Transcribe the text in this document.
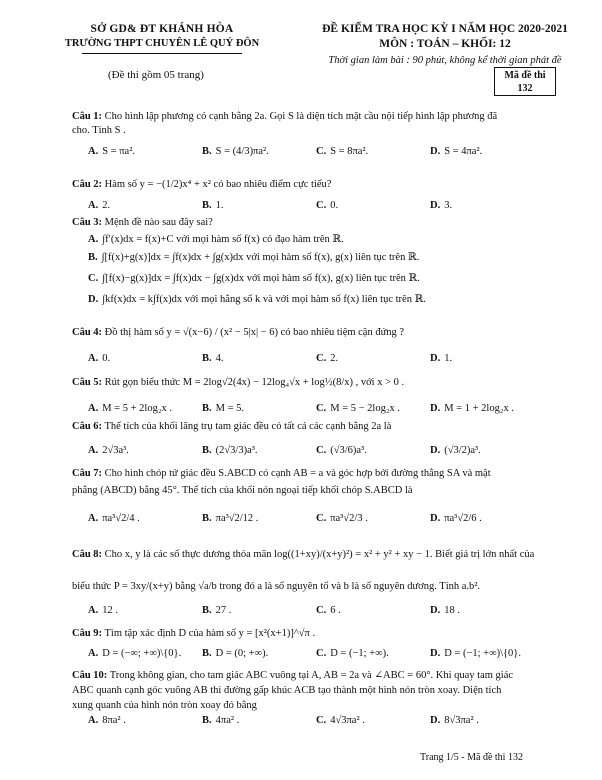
SỞ GD& ĐT KHÁNH HÒA
TRƯỜNG THPT CHUYÊN LÊ QUÝ ĐÔN
(Đề thi gồm 05 trang)
ĐỀ KIỂM TRA HỌC KỲ I NĂM HỌC 2020-2021
MÔN : TOÁN – KHỐI: 12
Thời gian làm bài : 90 phút, không kể thời gian phát đề
Mã đề thi
132
Câu 1: Cho hình lập phương có cạnh bằng 2a. Gọi S là diện tích mặt cầu nội tiếp hình lập phương đã
cho. Tính S .
A. S = πa².	B. S = (4/3)πa².	C. S = 8πa².	D. S = 4πa².
Câu 2: Hàm số y = −(1/2)x⁴ + x² có bao nhiêu điểm cực tiểu?
A. 2.	B. 1.	C. 0.	D. 3.
Câu 3: Mệnh đề nào sau đây sai?
A. ∫f′(x)dx = f(x)+C với mọi hàm số f(x) có đạo hàm trên ℝ.
B. ∫[f(x)+g(x)]dx = ∫f(x)dx + ∫g(x)dx với mọi hàm số f(x), g(x) liên tục trên ℝ.
C. ∫[f(x)−g(x)]dx = ∫f(x)dx − ∫g(x)dx với mọi hàm số f(x), g(x) liên tục trên ℝ.
D. ∫kf(x)dx = k∫f(x)dx với mọi hằng số k và với mọi hàm số f(x) liên tục trên ℝ.
Câu 4: Đồ thị hàm số y = √(x−6) / (x² − 5|x| − 6) có bao nhiêu tiệm cận đứng ?
A. 0.	B. 4.	C. 2.	D. 1.
Câu 5: Rút gọn biểu thức M = 2log√2(4x) − 12log₄√x + log½(8/x) , với x > 0 .
A. M = 5 + 2log₂x .	B. M = 5.	C. M = 5 − 2log₂x .	D. M = 1 + 2log₂x .
Câu 6: Thể tích của khối lăng trụ tam giác đều có tất cả các cạnh bằng 2a là
A. 2√3a³.	B. (2√3/3)a³.	C. (√3/6)a³.	D. (√3/2)a³.
Câu 7: Cho hình chóp tứ giác đều S.ABCD có cạnh AB = a và góc hợp bởi đường thẳng SA và mặt
phẳng (ABCD) bằng 45°. Thể tích của khối nón ngoại tiếp khối chóp S.ABCD là
A. πa³√2/4 .	B. πa³√2/12 .	C. πa³√2/3 .	D. πa³√2/6 .
Câu 8: Cho x, y là các số thực dương thỏa mãn log((1+xy)/(x+y)²) = x² + y² + xy − 1. Biết giá trị lớn nhất của
biểu thức P = 3xy/(x+y) bằng √a/b trong đó a là số nguyên tố và b là số nguyên dương. Tính a.b².
A. 12 .	B. 27 .	C. 6 .	D. 18 .
Câu 9: Tìm tập xác định D của hàm số y = [x²(x+1)]^√π .
A. D = (−∞; +∞)\{0}. B. D = (0; +∞).	C. D = (−1; +∞).	D. D = (−1; +∞)\{0}.
Câu 10: Trong không gian, cho tam giác ABC vuông tại A, AB = 2a và ∠ABC = 60°. Khi quay tam giác
ABC quanh cạnh góc vuông AB thì đường gấp khúc ACB tạo thành một hình nón tròn xoay. Diện tích
xung quanh của hình nón tròn xoay đó bằng
A. 8πa² .	B. 4πa² .	C. 4√3πa² .	D. 8√3πa² .
Trang 1/5 - Mã đề thi 132
